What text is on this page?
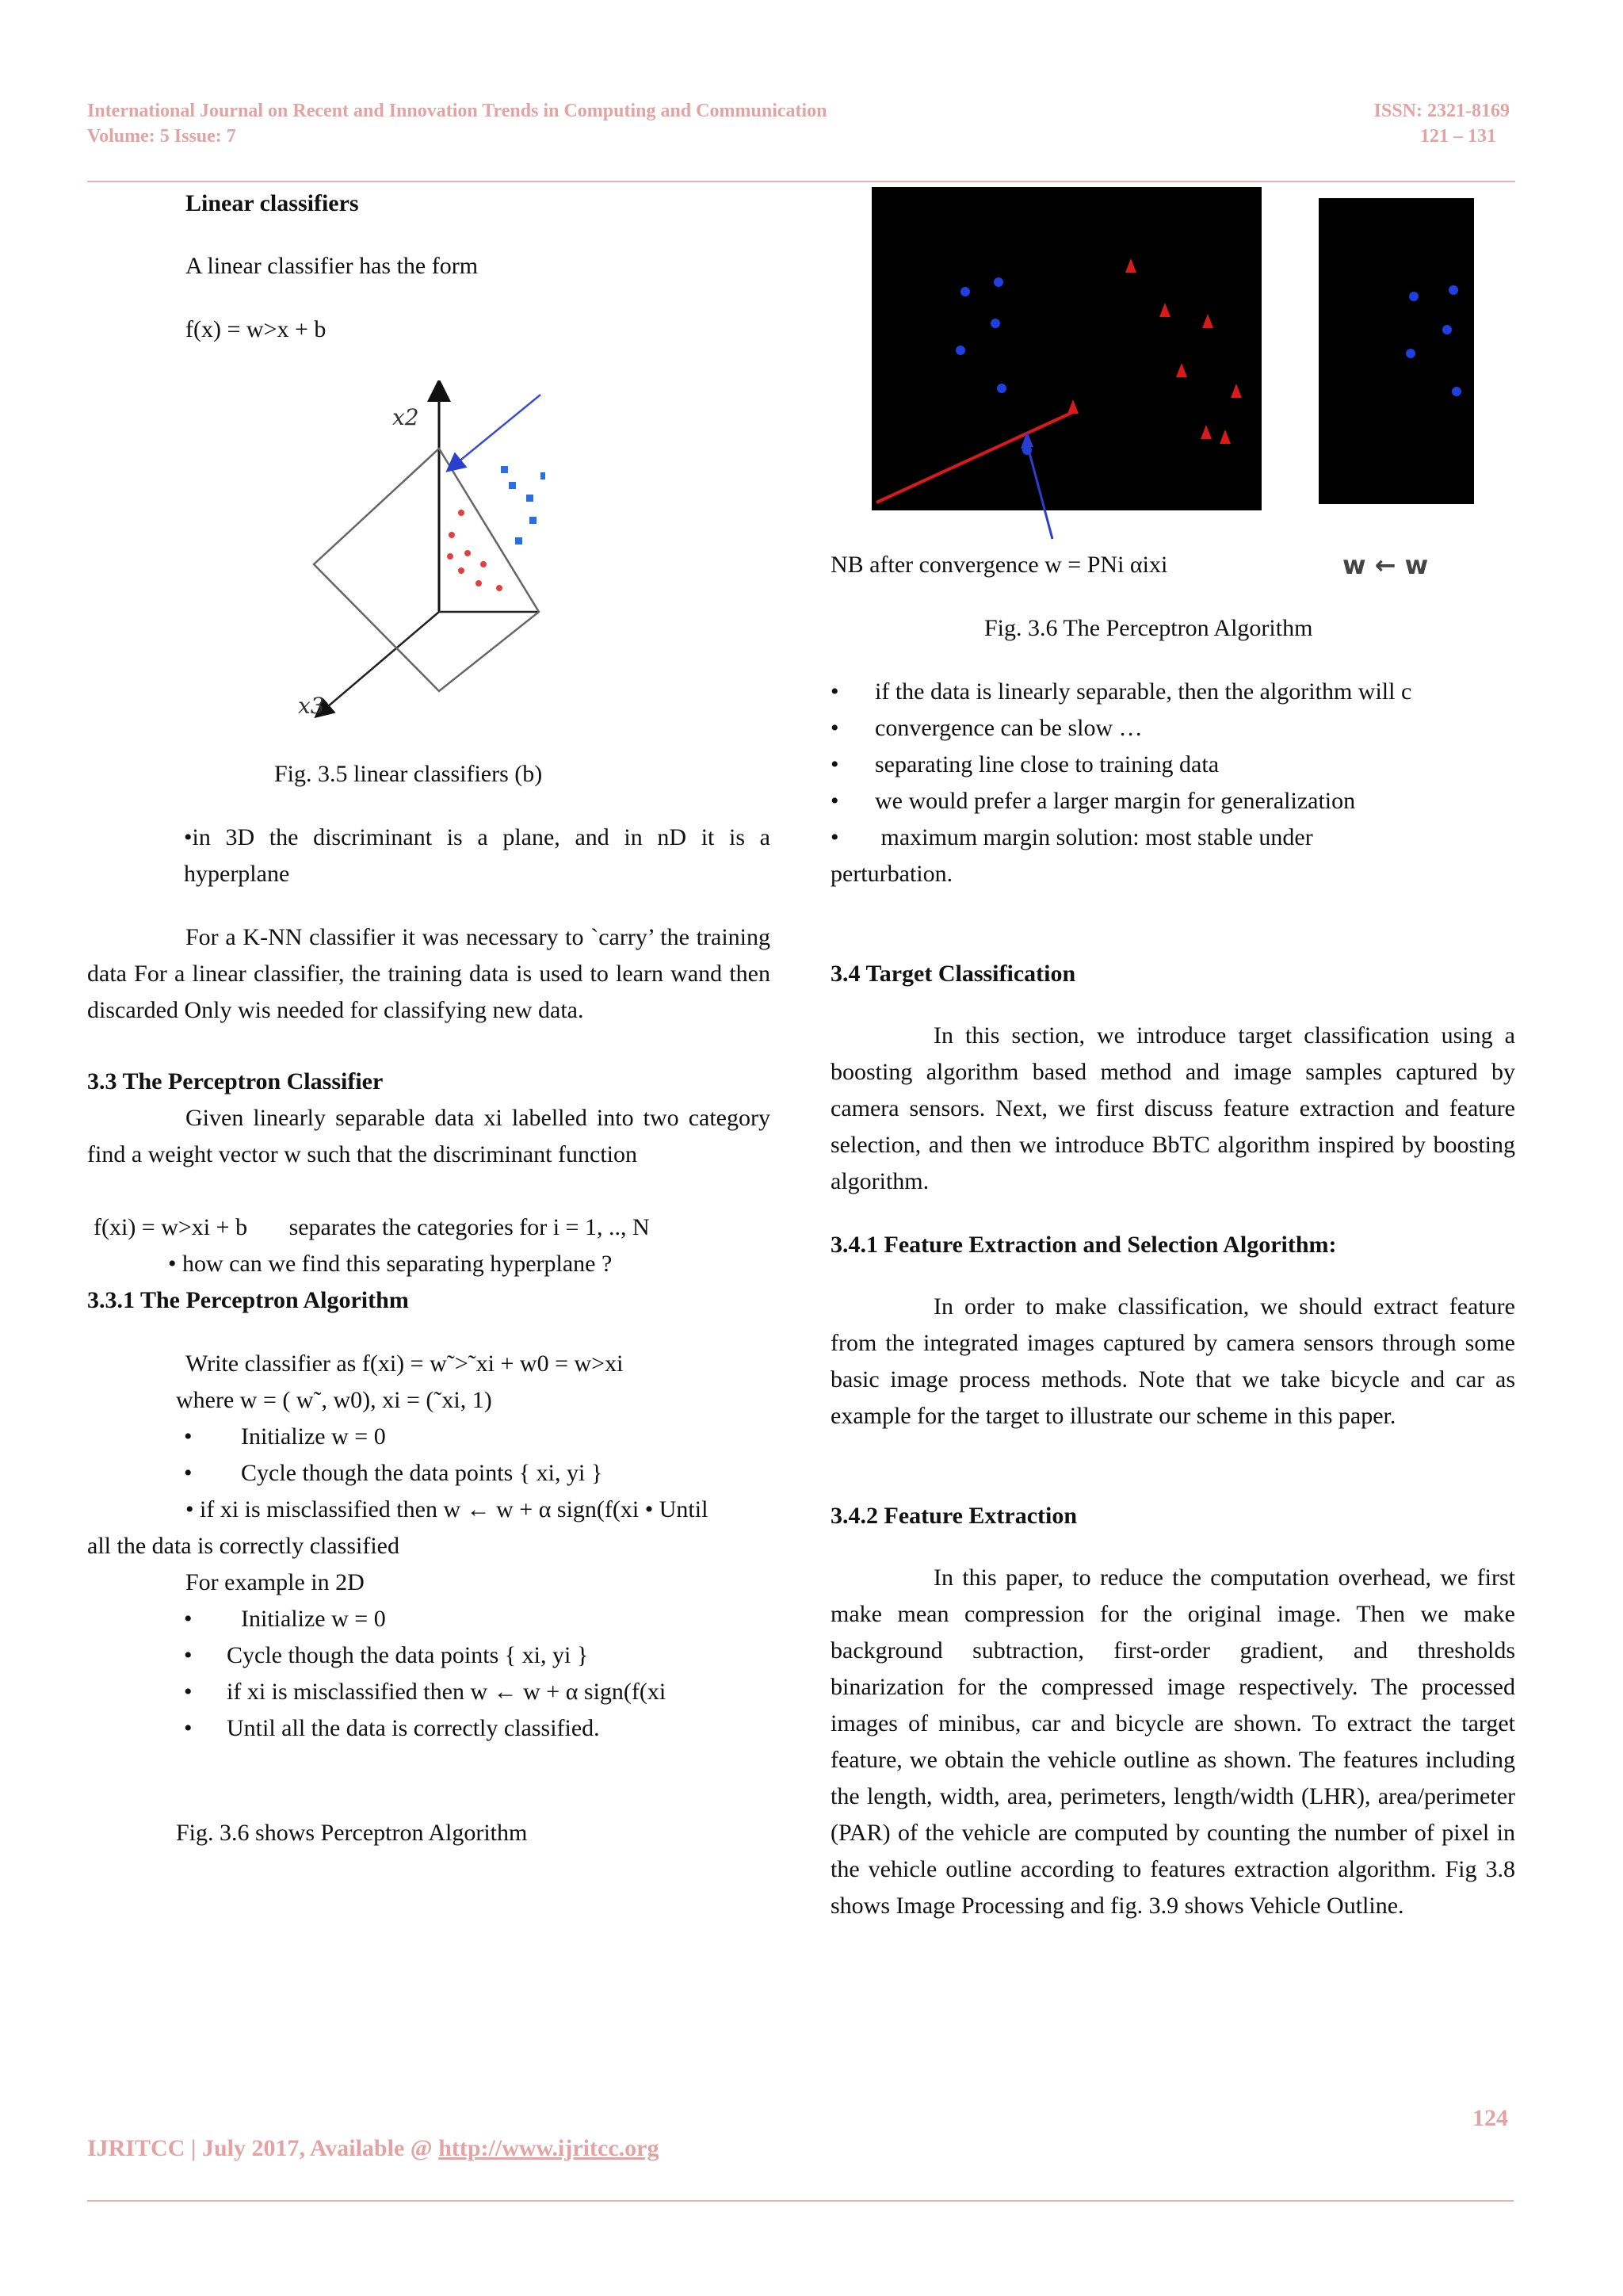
International Journal on Recent and Innovation Trends in Computing and Communication
Volume: 5 Issue: 7
ISSN: 2321-8169
121 – 131
Linear classifiers
A linear classifier has the form
f(x) = w>x + b
x2
x3
Fig. 3.5 linear classifiers (b)
•in 3D the discriminant is a plane, and in nD it is a hyperplane
For a K-NN classifier it was necessary to `carry’ the training data For a linear classifier, the training data is used to learn wand then discarded Only wis needed for classifying new data.
3.3 The Perceptron Classifier
Given linearly separable data xi labelled into two category find a weight vector w such that the discriminant function
f(xi) = w>xi + b       separates the categories for i = 1, .., N
• how can we find this separating hyperplane ?
3.3.1 The Perceptron Algorithm
Write classifier as f(xi) = w˜>˜xi + w0 = w>xi
where w = ( w˜, w0), xi = (˜xi, 1)
• Initialize w = 0
• Cycle though the data points { xi, yi }
• if xi is misclassified then w ← w + α sign(f(xi • Until
all the data is correctly classified
For example in 2D
• Initialize w = 0
• Cycle though the data points { xi, yi }
• if xi is misclassified then w ← w + α sign(f(xi
• Until all the data is correctly classified.
Fig. 3.6 shows Perceptron Algorithm
NB after convergence w = PNi αixi	w ← w
Fig. 3.6 The Perceptron Algorithm
• if the data is linearly separable, then the algorithm will c
• convergence can be slow …
• separating line close to training data
• we would prefer a larger margin for generalization
• maximum margin solution: most stable under
perturbation.
3.4 Target Classification
In this section, we introduce target classification using a boosting algorithm based method and image samples captured by camera sensors. Next, we first discuss feature extraction and feature selection, and then we introduce BbTC algorithm inspired by boosting algorithm.
3.4.1 Feature Extraction and Selection Algorithm:
In order to make classification, we should extract feature from the integrated images captured by camera sensors through some basic image process methods. Note that we take bicycle and car as example for the target to illustrate our scheme in this paper.
3.4.2 Feature Extraction
In this paper, to reduce the computation overhead, we first make mean compression for the original image. Then we make background subtraction, first-order gradient, and thresholds binarization for the compressed image respectively. The processed images of minibus, car and bicycle are shown. To extract the target feature, we obtain the vehicle outline as shown. The features including the length, width, area, perimeters, length/width (LHR), area/perimeter (PAR) of the vehicle are computed by counting the number of pixel in the vehicle outline according to features extraction algorithm. Fig 3.8 shows Image Processing and fig. 3.9 shows Vehicle Outline.
124
IJRITCC | July 2017, Available @ http://www.ijritcc.org
